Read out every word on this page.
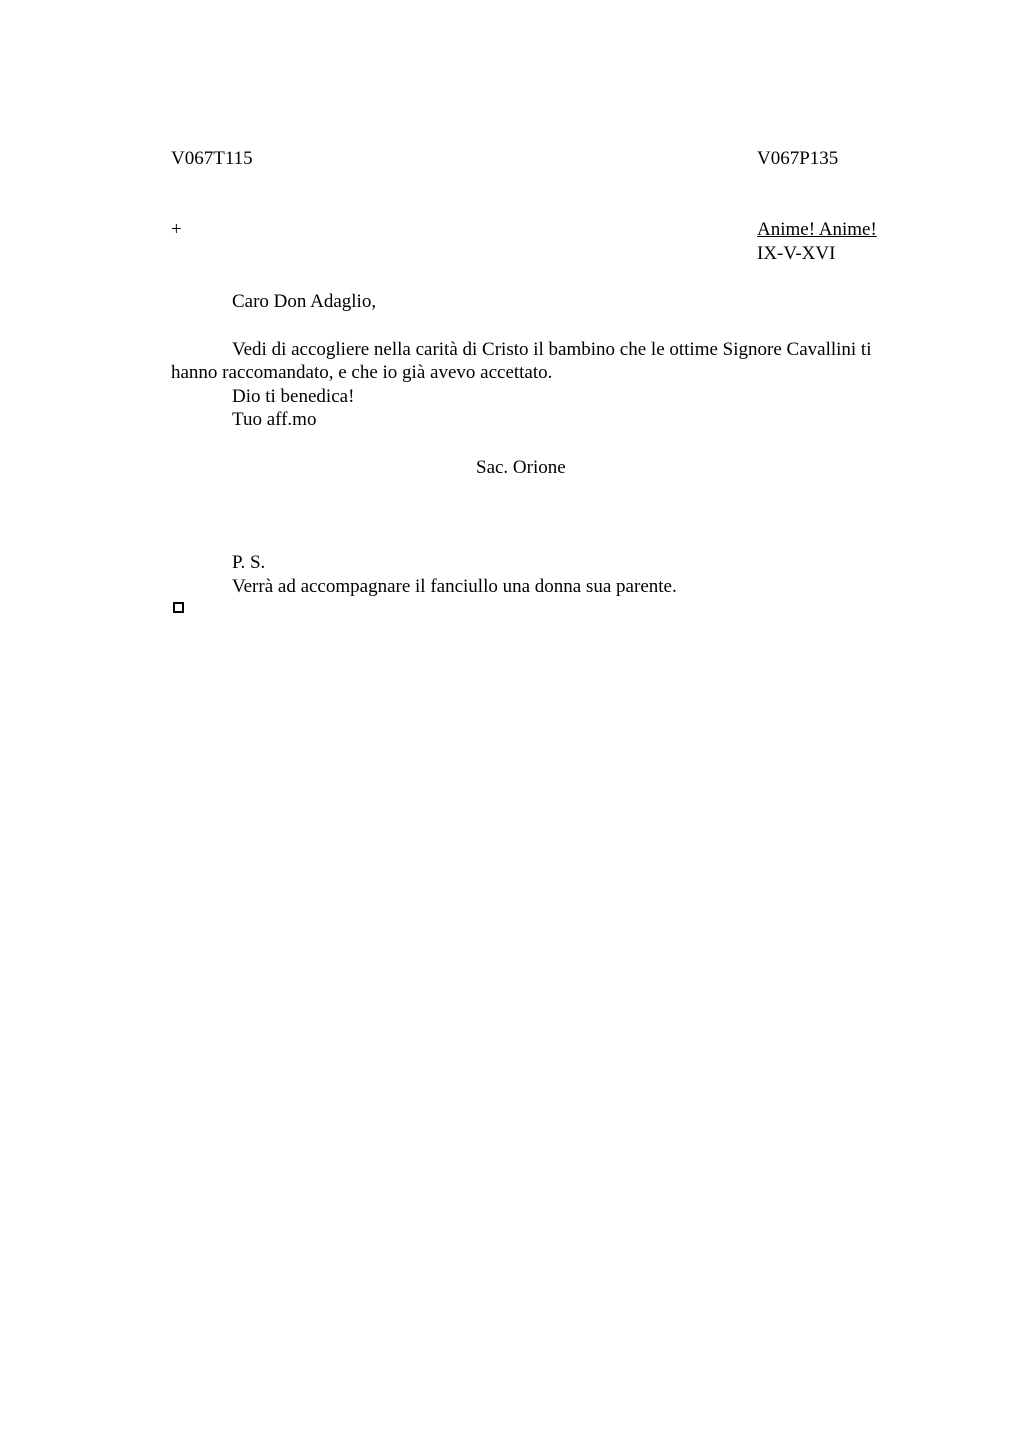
V067T115	V067P135
+	Anime! Anime!
IX-V-XVI
Caro Don Adaglio,
Vedi di accogliere nella carità di Cristo il bambino che le ottime Signore Cavallini ti hanno raccomandato, e che io già avevo accettato.
Dio ti benedica!
Tuo aff.mo
Sac. Orione
P. S.
Verrà ad accompagnare il fanciullo una donna sua parente.
